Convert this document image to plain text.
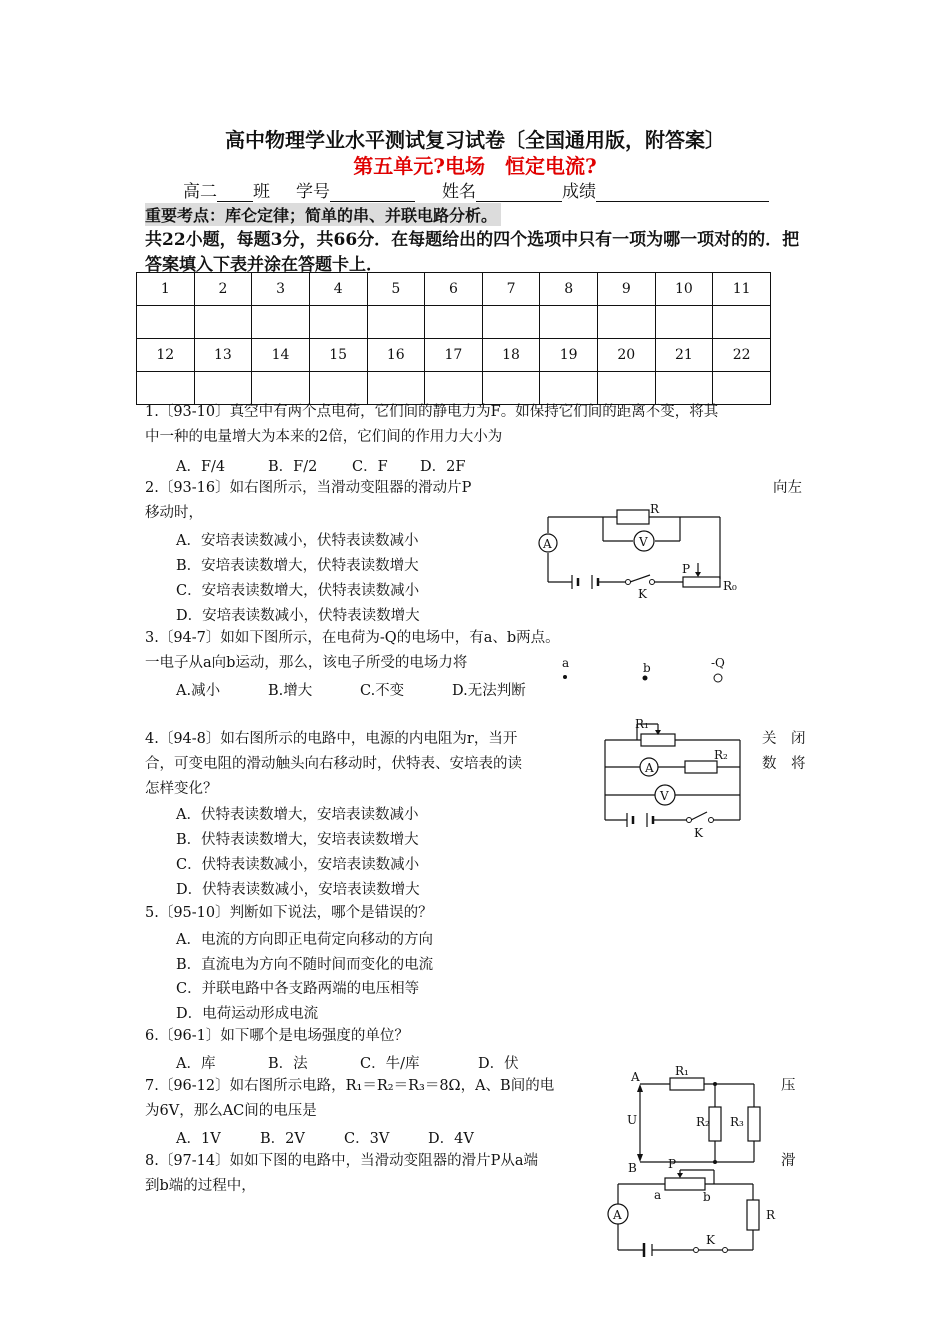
高中物理学业水平测试复习试卷〔全国通用版，附答案〕
第五单元?电场　恒定电流?
高二 班 学号	姓名	成绩
重要考点：库仑定律；简单的串、并联电路分析。
共22小题，每题3分，共66分．在每题给出的四个选项中只有一项为哪一项对的的．把答案填入下表并涂在答题卡上．
1	2	3	4	5	6	7	8	9	10	11

12	13	14	15	16	17	18	19	20	21	22

1.〔93-10〕真空中有两个点电荷，它们间的静电力为F。如保持它们间的距离不变，将其
中一种的电量增大为本来的2倍，它们间的作用力大小为
A．F/4	B．F/2 C．F D．2F
2.〔93-16〕如右图所示，当滑动变阻器的滑动片P	向左
移动时，
A．安培表读数减小，伏特表读数减小
B．安培表读数增大，伏特表读数增大
C．安培表读数增大，伏特表读数减小
D．安培表读数减小，伏特表读数增大
A	V
R
P
K
R₀
3.〔94-7〕如如下图所示，在电荷为-Q的电场中，有a、b两点。
一电子从a向b运动，那么，该电子所受的电场力将
A.减小	B.增大	C.不变	D.无法判断
a	b	-Q
4.〔94-8〕如右图所示的电路中，电源的内电阻为r，当开	关　闭
合，可变电阻的滑动触头向右移动时，伏特表、安培表的读	数　将
怎样变化？
A．伏特表读数增大，安培表读数减小
B．伏特表读数增大，安培表读数增大
C．伏特表读数减小，安培表读数减小
D．伏特表读数减小，安培表读数增大
R₁
R₂
A
V
K
5.〔95-10〕判断如下说法，哪个是错误的？
A．电流的方向即正电荷定向移动的方向
B．直流电为方向不随时间而变化的电流
C．并联电路中各支路两端的电压相等
D．电荷运动形成电流
6.〔96-1〕如下哪个是电场强度的单位？
A．库	B．法	C．牛/库	D．伏
7.〔96-12〕如右图所示电路，R₁＝R₂＝R₃＝8Ω，A、B间的电	压
为6V，那么AC间的电压是
A．1V	B．2V	C．3V	D．4V
A
B
U
R₁
R₂ R₃
8.〔97-14〕如如下图的电路中，当滑动变阻器的滑片P从a端	滑
到b端的过程中，
P
a	b
A	R
K
